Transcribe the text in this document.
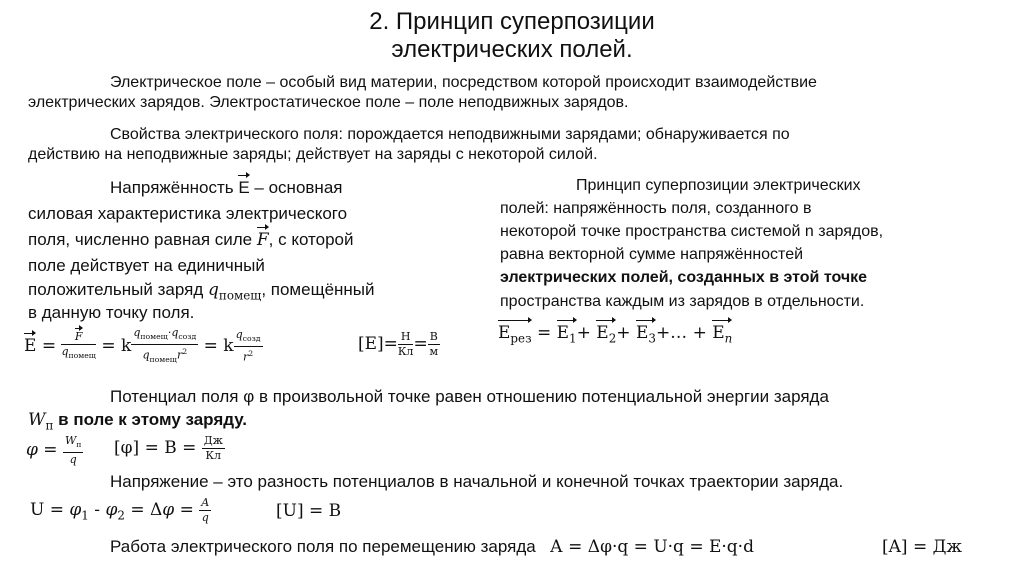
2. Принцип суперпозиции
электрических полей.
Электрическое поле – особый вид материи, посредством которой происходит взаимодействие
электрических зарядов. Электростатическое поле – поле неподвижных зарядов.
Свойства электрического поля: порождается неподвижными зарядами; обнаруживается по
действию на неподвижные заряды; действует на заряды с некоторой силой.
Напряжённость E – основная
силовая характеристика электрического
поля, численно равная силе F, с которой
поле действует на единичный
положительный заряд $q_{помещ}$, помещённый
в данную точку поля.
$E = \frac{F}{q_{помещ}} = k \frac{q_{помещ}\cdot q_{созд}}{q_{помещ}r^2} = k \frac{q_{созд}}{r^2}$	$[E]= \frac{Н}{Кл} = \frac{В}{м}$
Принцип суперпозиции электрических
полей: напряжённость поля, созданного в
некоторой точке пространства системой n зарядов,
равна векторной сумме напряжённостей
электрических полей, созданных в этой точке
пространства каждым из зарядов в отдельности.
$E_{рез} = E_1+ E_2+$ $E_3+\dots + E_n$
Потенциал поля φ в произвольной точке равен отношению потенциальной энергии заряда
$W_п$ в поле к этому заряду.
$\varphi = \frac{W_п}{q} [\varphi] = В = \frac{Дж}{Кл}$
Напряжение – это разность потенциалов в начальной и конечной точках траектории заряда.
$U = \varphi_1 - \varphi_2 = \Delta\varphi = \frac{A}{q}$	[U] = В
Работа электрического поля по перемещению заряда А = Δφ·q = U·q = E·q·d	[A] = Дж
